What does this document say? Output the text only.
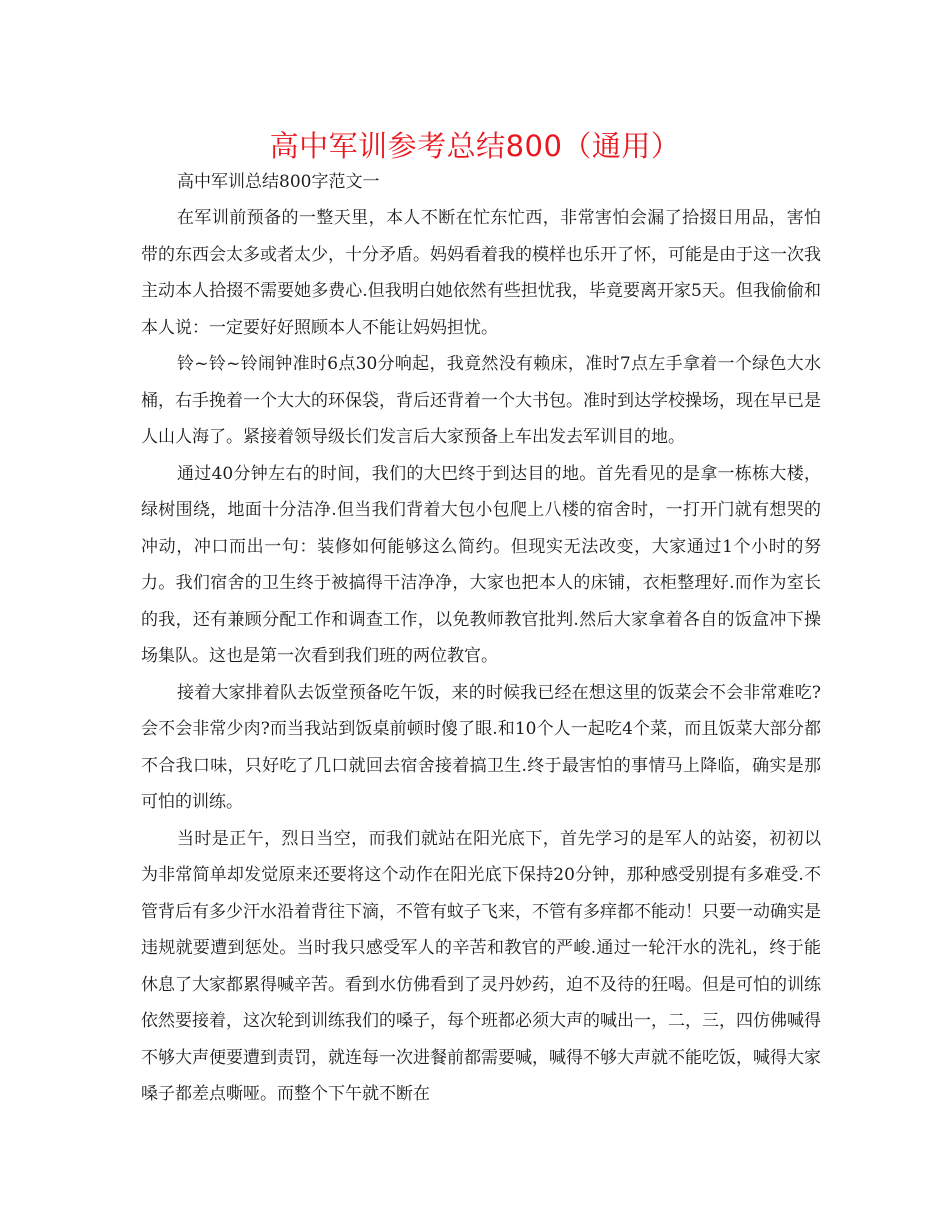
高中军训参考总结800（通用）

高中军训总结800字范文一

在军训前预备的一整天里，本人不断在忙东忙西，非常害怕会漏了拾掇日用品，害怕带的东西会太多或者太少，十分矛盾。妈妈看着我的模样也乐开了怀，可能是由于这一次我主动本人拾掇不需要她多费心.但我明白她依然有些担忧我，毕竟要离开家5天。但我偷偷和本人说：一定要好好照顾本人不能让妈妈担忧。

铃~铃~铃闹钟准时6点30分响起，我竟然没有赖床，准时7点左手拿着一个绿色大水桶，右手挽着一个大大的环保袋，背后还背着一个大书包。准时到达学校操场，现在早已是人山人海了。紧接着领导级长们发言后大家预备上车出发去军训目的地。

通过40分钟左右的时间，我们的大巴终于到达目的地。首先看见的是拿一栋栋大楼，绿树围绕，地面十分洁净.但当我们背着大包小包爬上八楼的宿舍时，一打开门就有想哭的冲动，冲口而出一句：装修如何能够这么简约。但现实无法改变，大家通过1个小时的努力。我们宿舍的卫生终于被搞得干洁净净，大家也把本人的床铺，衣柜整理好.而作为室长的我，还有兼顾分配工作和调查工作，以免教师教官批判.然后大家拿着各自的饭盒冲下操场集队。这也是第一次看到我们班的两位教官。

接着大家排着队去饭堂预备吃午饭，来的时候我已经在想这里的饭菜会不会非常难吃?会不会非常少肉?而当我站到饭桌前顿时傻了眼.和10个人一起吃4个菜，而且饭菜大部分都不合我口味，只好吃了几口就回去宿舍接着搞卫生.终于最害怕的事情马上降临，确实是那可怕的训练。

当时是正午，烈日当空，而我们就站在阳光底下，首先学习的是军人的站姿，初初以为非常简单却发觉原来还要将这个动作在阳光底下保持20分钟，那种感受别提有多难受.不管背后有多少汗水沿着背往下滴，不管有蚊子飞来，不管有多痒都不能动！只要一动确实是违规就要遭到惩处。当时我只感受军人的辛苦和教官的严峻.通过一轮汗水的洗礼，终于能休息了大家都累得喊辛苦。看到水仿佛看到了灵丹妙药，迫不及待的狂喝。但是可怕的训练依然要接着，这次轮到训练我们的嗓子，每个班都必须大声的喊出一，二，三，四仿佛喊得不够大声便要遭到责罚，就连每一次进餐前都需要喊，喊得不够大声就不能吃饭，喊得大家嗓子都差点嘶哑。而整个下午就不断在
